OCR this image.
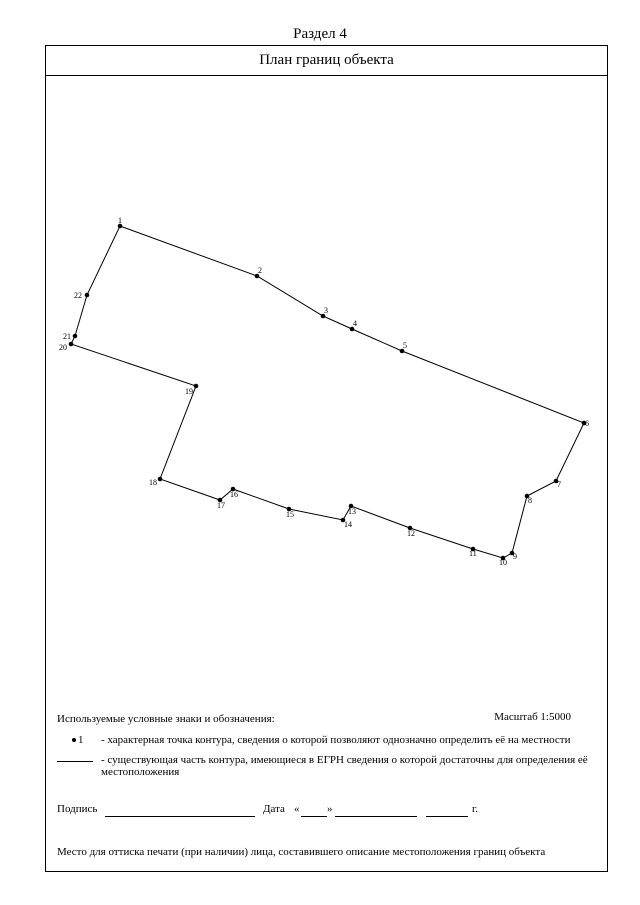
Раздел 4
План границ объекта
Используемые условные знаки и обозначения:	Масштаб 1:5000
1 - характерная точка контура, сведения о которой позволяют однозначно определить её на местности
- существующая часть контура, имеющиеся в ЕГРН сведения о которой достаточны для определения её местоположения
Подпись	Дата «	»	г.
Место для оттиска печати (при наличии) лица, составившего описание местоположения границ объекта
1
2
3
4
5
6
7
8
9
10
11
12
13
14
15
16
17
18
19
20
21
22
